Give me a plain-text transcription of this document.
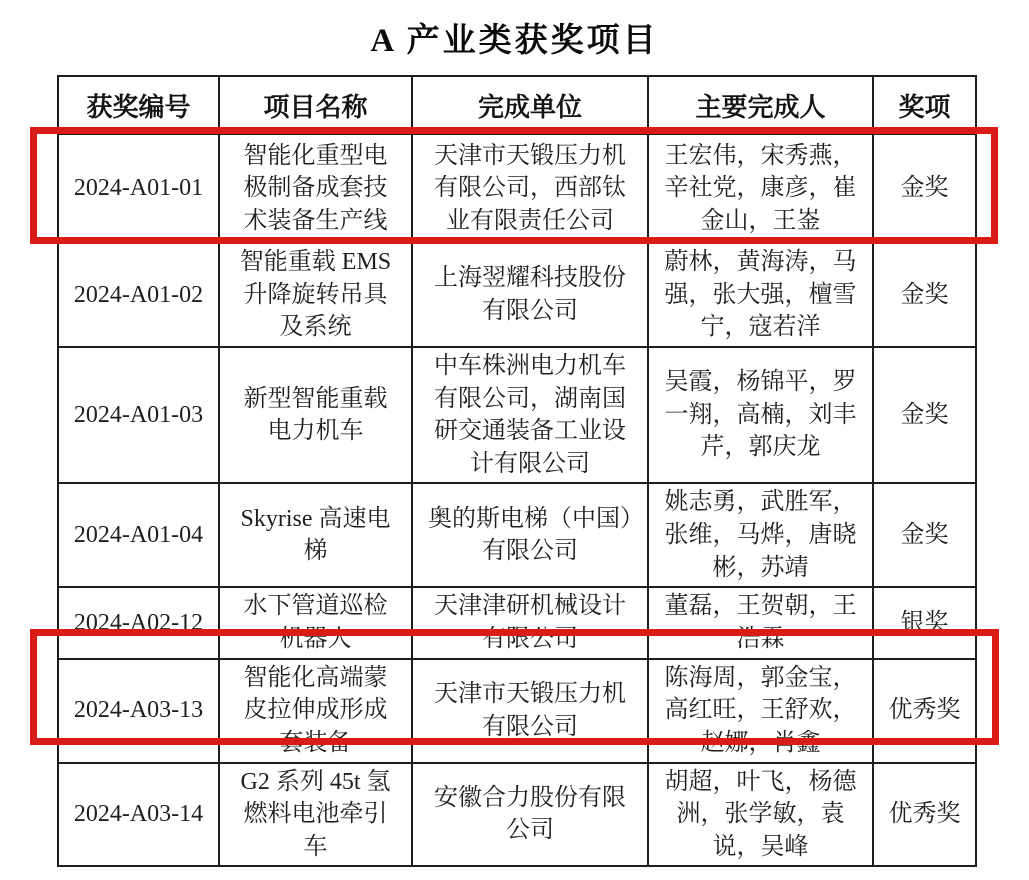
A 产业类获奖项目
获奖编号	项目名称	完成单位	主要完成人	奖项
2024-A01-01	智能化重型电极制备成套技术装备生产线	天津市天锻压力机有限公司，西部钛业有限责任公司	王宏伟，宋秀燕，辛社党，康彦，崔金山，王崟	金奖
2024-A01-02	智能重载 EMS 升降旋转吊具及系统	上海翌耀科技股份有限公司	蔚林，黄海涛，马强，张大强，檀雪宁，寇若洋	金奖
2024-A01-03	新型智能重载电力机车	中车株洲电力机车有限公司，湖南国研交通装备工业设计有限公司	吴霞，杨锦平，罗一翔，高楠，刘丰芹，郭庆龙	金奖
2024-A01-04	Skyrise 高速电梯	奥的斯电梯（中国）有限公司	姚志勇，武胜军，张维，马烨，唐晓彬，苏靖	金奖
2024-A02-12	水下管道巡检机器人	天津津研机械设计有限公司	董磊，王贺朝，王浩霖	银奖
2024-A03-13	智能化高端蒙皮拉伸成形成套装备	天津市天锻压力机有限公司	陈海周，郭金宝，高红旺，王舒欢，赵娜，肖鑫	优秀奖
2024-A03-14	G2 系列 45t 氢燃料电池牵引车	安徽合力股份有限公司	胡超，叶飞，杨德洲，张学敏，袁说，吴峰	优秀奖
